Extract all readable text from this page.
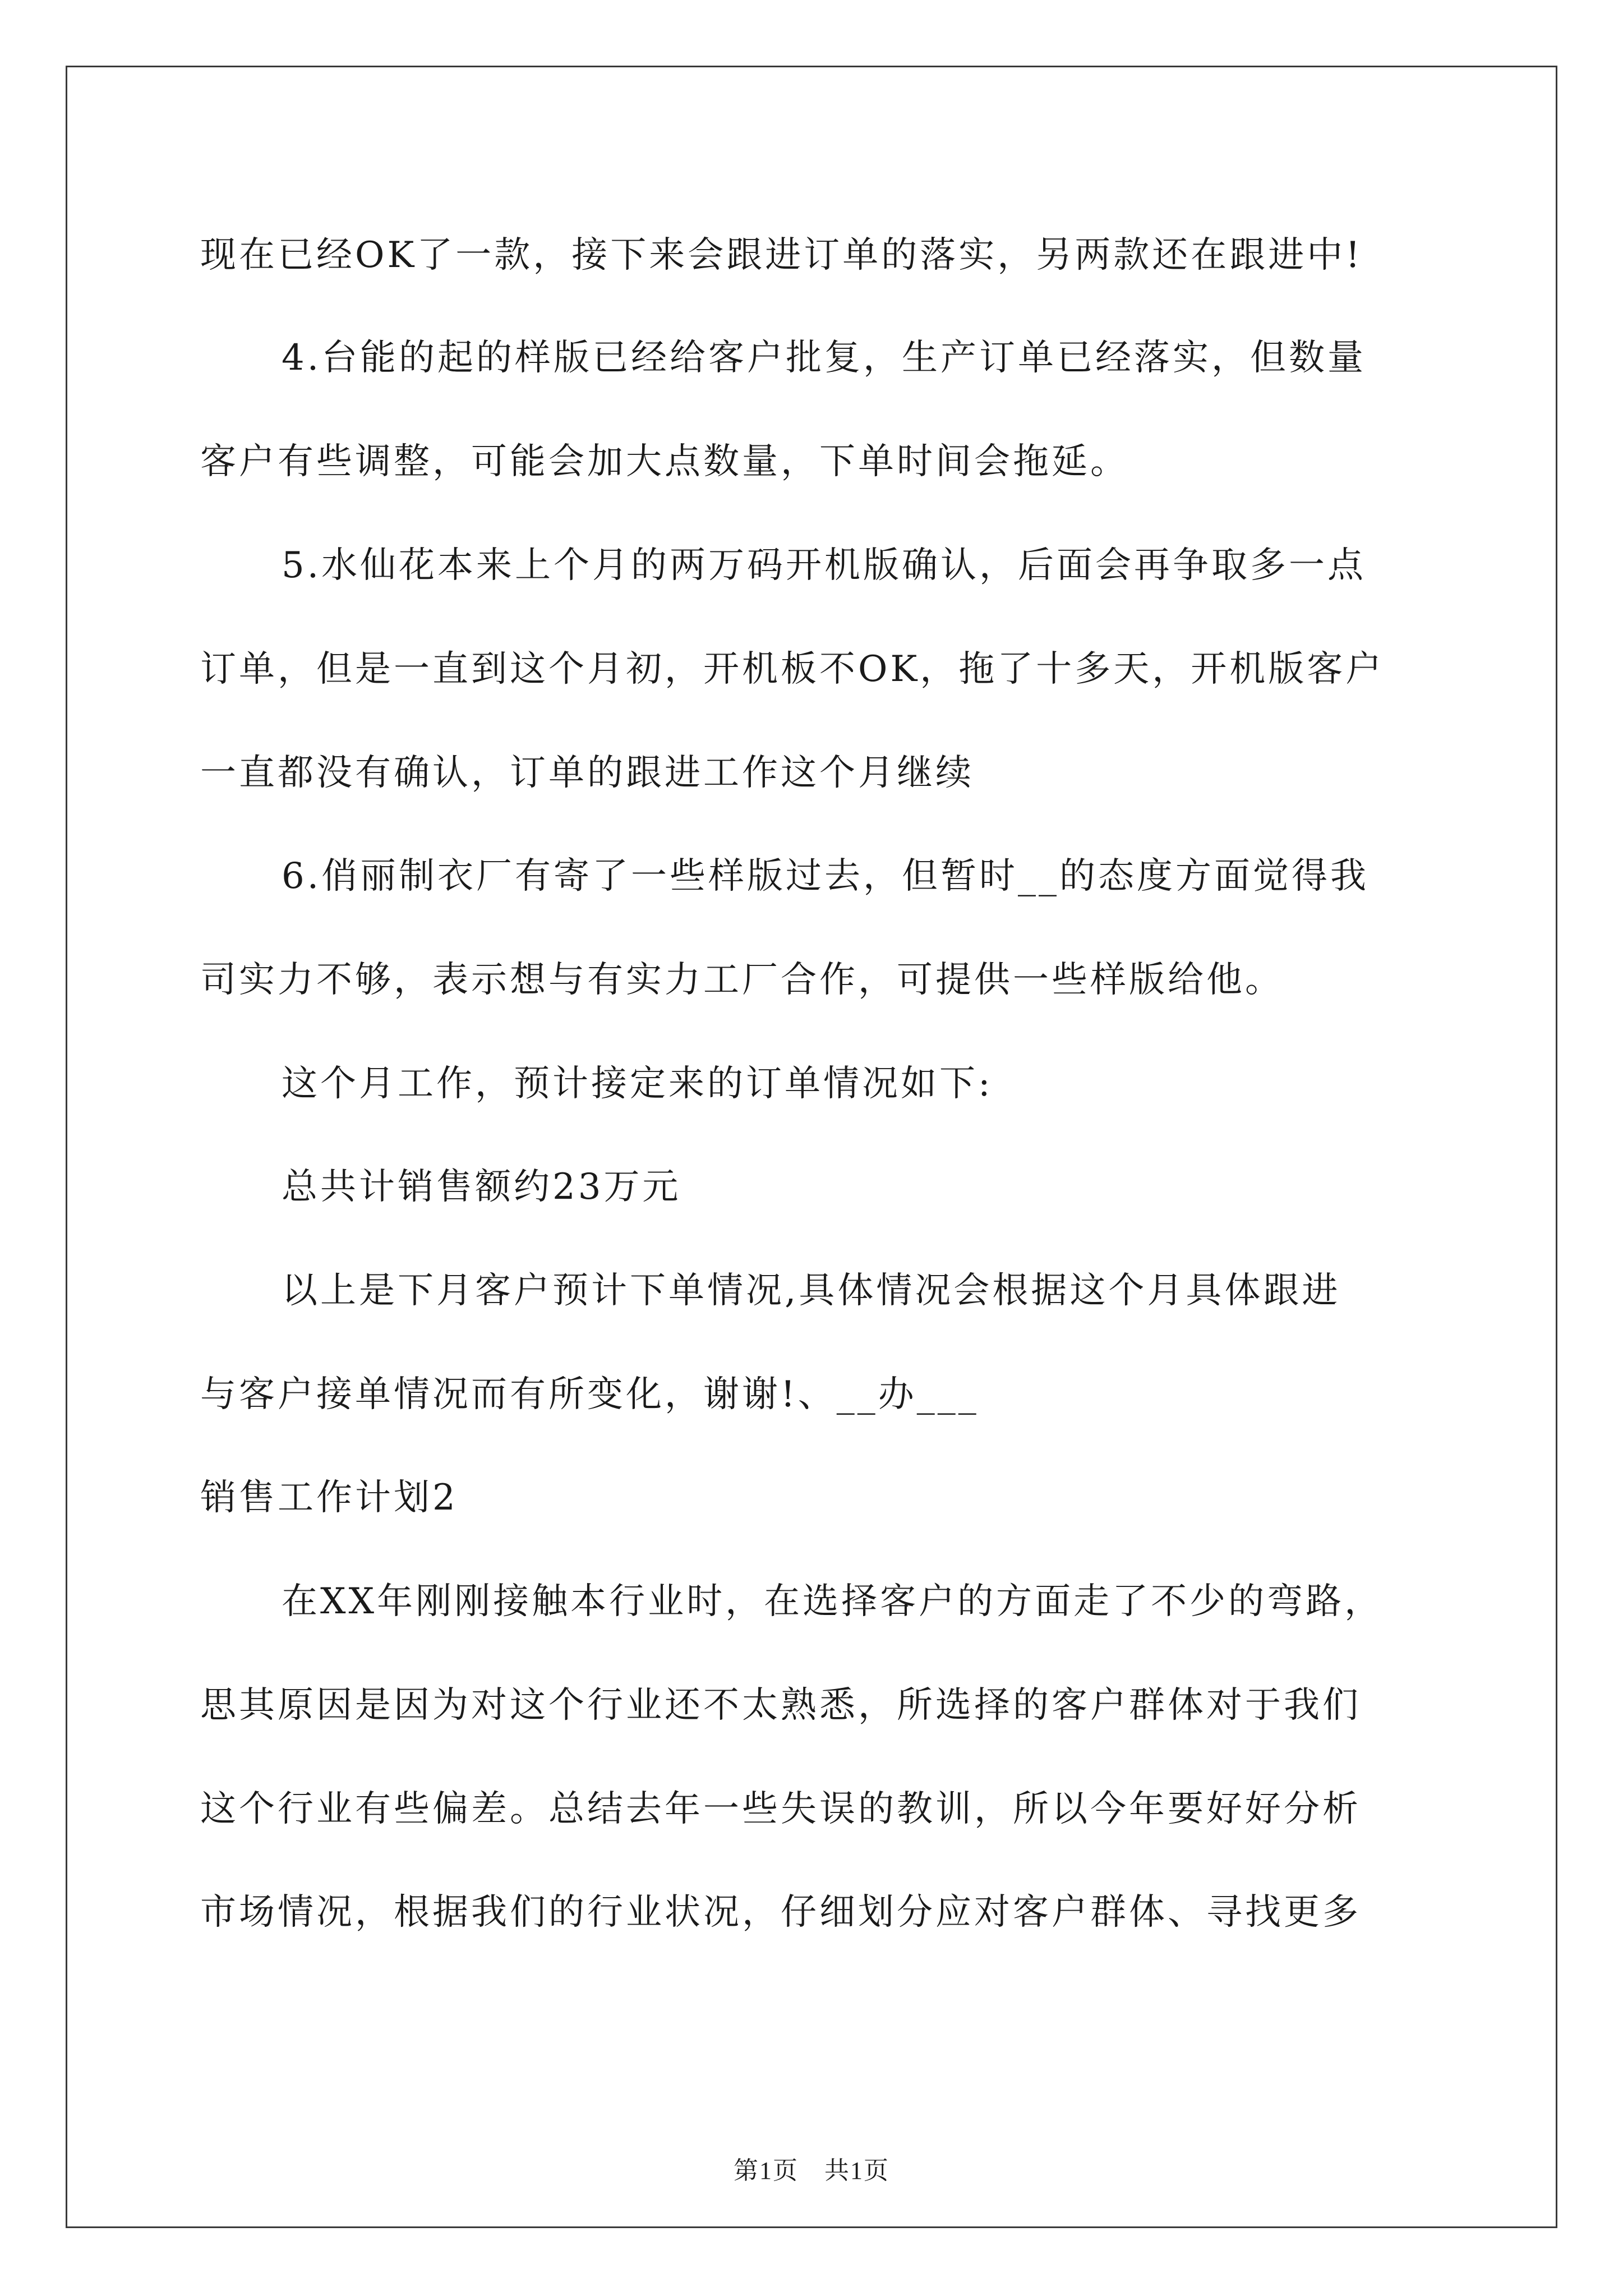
现在已经OK了一款，接下来会跟进订单的落实，另两款还在跟进中!
4.台能的起的样版已经给客户批复，生产订单已经落实，但数量
客户有些调整，可能会加大点数量，下单时间会拖延。
5.水仙花本来上个月的两万码开机版确认，后面会再争取多一点
订单，但是一直到这个月初，开机板不OK，拖了十多天，开机版客户
一直都没有确认，订单的跟进工作这个月继续
6.俏丽制衣厂有寄了一些样版过去，但暂时__的态度方面觉得我
司实力不够，表示想与有实力工厂合作，可提供一些样版给他。
这个月工作，预计接定来的订单情况如下:
总共计销售额约23万元
以上是下月客户预计下单情况,具体情况会根据这个月具体跟进
与客户接单情况而有所变化，谢谢!、__办___
销售工作计划2
在XX年刚刚接触本行业时，在选择客户的方面走了不少的弯路，
思其原因是因为对这个行业还不太熟悉，所选择的客户群体对于我们
这个行业有些偏差。总结去年一些失误的教训，所以今年要好好分析
市场情况，根据我们的行业状况，仔细划分应对客户群体、寻找更多
第1页　共1页
